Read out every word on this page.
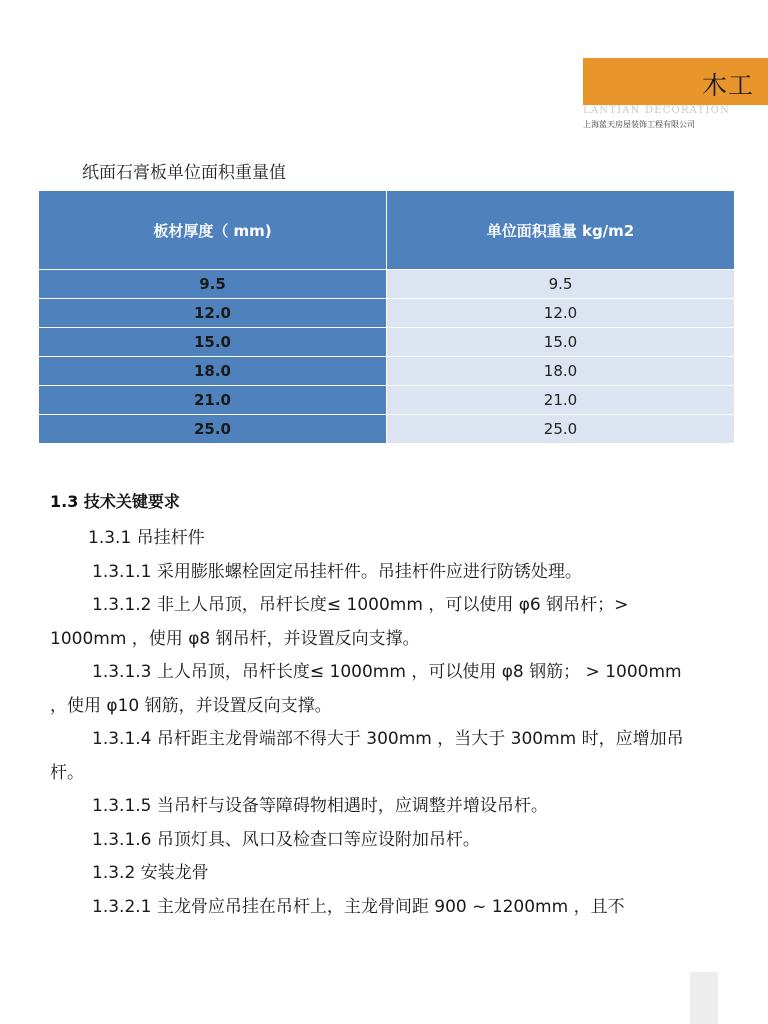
木工
LANTIAN DECORATION
上海蓝天房屋装饰工程有限公司
纸面石膏板单位面积重量值
板材厚度（ mm)	单位面积重量 kg/m2
9.5	9.5
12.0	12.0
15.0	15.0
18.0	18.0
21.0	21.0
25.0	25.0
1.3 技术关键要求

1.3.1 吊挂杆件

1.3.1.1 采用膨胀螺栓固定吊挂杆件。吊挂杆件应进行防锈处理。

1.3.1.2 非上人吊顶，吊杆长度≤ 1000mm ，可以使用 φ6 钢吊杆；> 1000mm ，使用 φ8 钢吊杆，并设置反向支撑。

1.3.1.3 上人吊顶，吊杆长度≤ 1000mm ，可以使用 φ8 钢筋； > 1000mm ，使用 φ10 钢筋，并设置反向支撑。

1.3.1.4 吊杆距主龙骨端部不得大于 300mm ，当大于 300mm 时，应增加吊杆。

1.3.1.5 当吊杆与设备等障碍物相遇时，应调整并增设吊杆。

1.3.1.6 吊顶灯具、风口及检查口等应设附加吊杆。

1.3.2 安装龙骨

1.3.2.1 主龙骨应吊挂在吊杆上，主龙骨间距 900 ~ 1200mm ，且不
